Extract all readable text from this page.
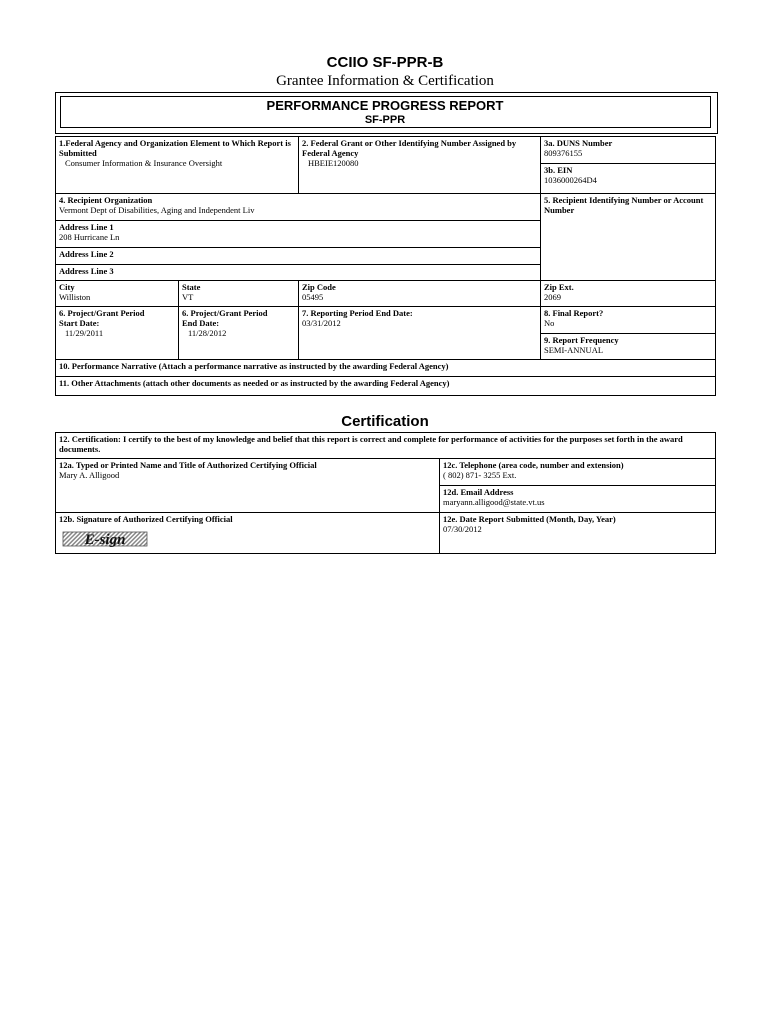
CCIIO SF-PPR-B
Grantee Information & Certification
PERFORMANCE PROGRESS REPORT
SF-PPR
1.Federal Agency and Organization Element to Which Report is Submitted
Consumer Information & Insurance Oversight
2. Federal Grant or Other Identifying Number Assigned by Federal Agency
HBEIE120080
3a. DUNS Number
809376155
3b. EIN
1036000264D4
4. Recipient Organization
Vermont Dept of Disabilities, Aging and Independent Liv
5. Recipient Identifying Number or Account Number
Address Line 1
208 Hurricane Ln
Address Line 2
Address Line 3
City
Williston
State
VT
Zip Code
05495
Zip Ext.
2069
6. Project/Grant Period
Start Date:
11/29/2011
6. Project/Grant Period
End Date:
11/28/2012
7. Reporting Period End Date:
03/31/2012
8. Final Report?
No
9. Report Frequency
SEMI-ANNUAL
10. Performance Narrative (Attach a performance narrative as instructed by the awarding Federal Agency)
11. Other Attachments (attach other documents as needed or as instructed by the awarding Federal Agency)
Certification
12. Certification: I certify to the best of my knowledge and belief that this report is correct and complete for performance of activities for the purposes set forth in the award documents.
12a. Typed or Printed Name and Title of Authorized Certifying Official
Mary A. Alligood
12c. Telephone (area code, number and extension)
( 802) 871- 3255 Ext.
12d. Email Address
maryann.alligood@state.vt.us
12b. Signature of Authorized Certifying Official	12e. Date Report Submitted (Month, Day, Year)
07/30/2012
E-sign
